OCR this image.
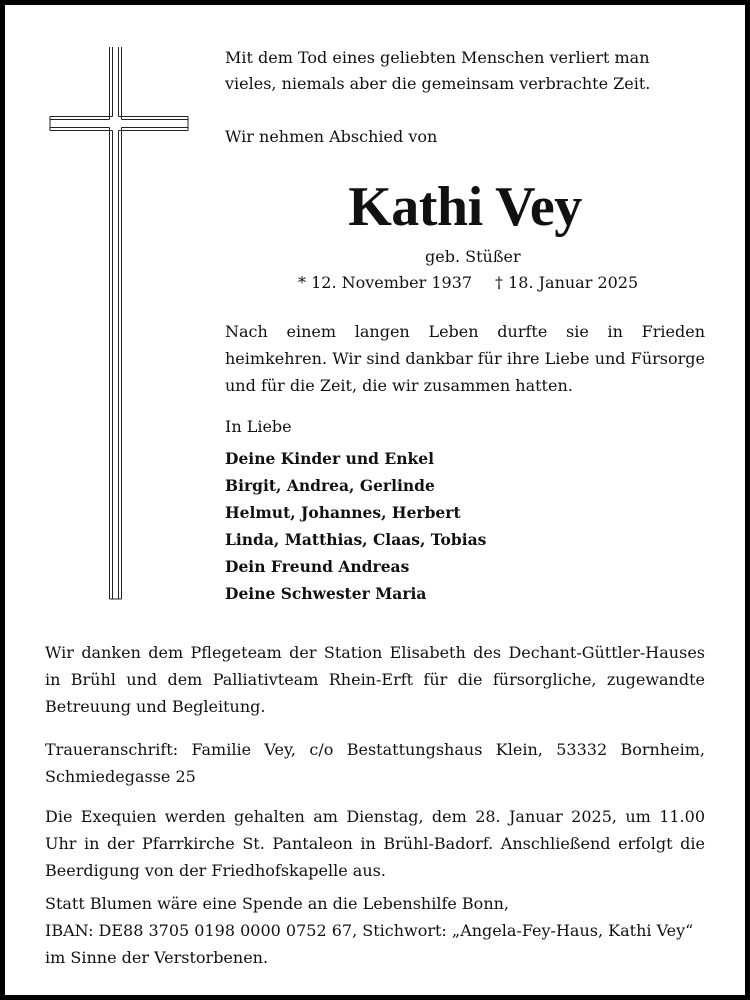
Mit dem Tod eines geliebten Menschen verliert man
vieles, niemals aber die gemeinsam verbrachte Zeit.

Wir nehmen Abschied von

Kathi Vey
geb. Stüßer
* 12. November 1937 † 18. Januar 2025

Nach einem langen Leben durfte sie in Frieden heimkehren. Wir sind dankbar für ihre Liebe und Fürsorge und für die Zeit, die wir zusammen hatten.

In Liebe

Deine Kinder und Enkel
Birgit, Andrea, Gerlinde
Helmut, Johannes, Herbert
Linda, Matthias, Claas, Tobias
Dein Freund Andreas
Deine Schwester Maria

Wir danken dem Pflegeteam der Station Elisabeth des Dechant-Güttler-Hauses in Brühl und dem Palliativteam Rhein-Erft für die fürsorgliche, zugewandte Betreuung und Begleitung.

Traueranschrift: Familie Vey, c/o Bestattungshaus Klein, 53332 Bornheim, Schmiedegasse 25

Die Exequien werden gehalten am Dienstag, dem 28. Januar 2025, um 11.00 Uhr in der Pfarrkirche St. Pantaleon in Brühl-Badorf. Anschließend erfolgt die Beerdigung von der Friedhofskapelle aus.

Statt Blumen wäre eine Spende an die Lebenshilfe Bonn,
IBAN: DE88 3705 0198 0000 0752 67, Stichwort: „Angela-Fey-Haus, Kathi Vey“
im Sinne der Verstorbenen.
